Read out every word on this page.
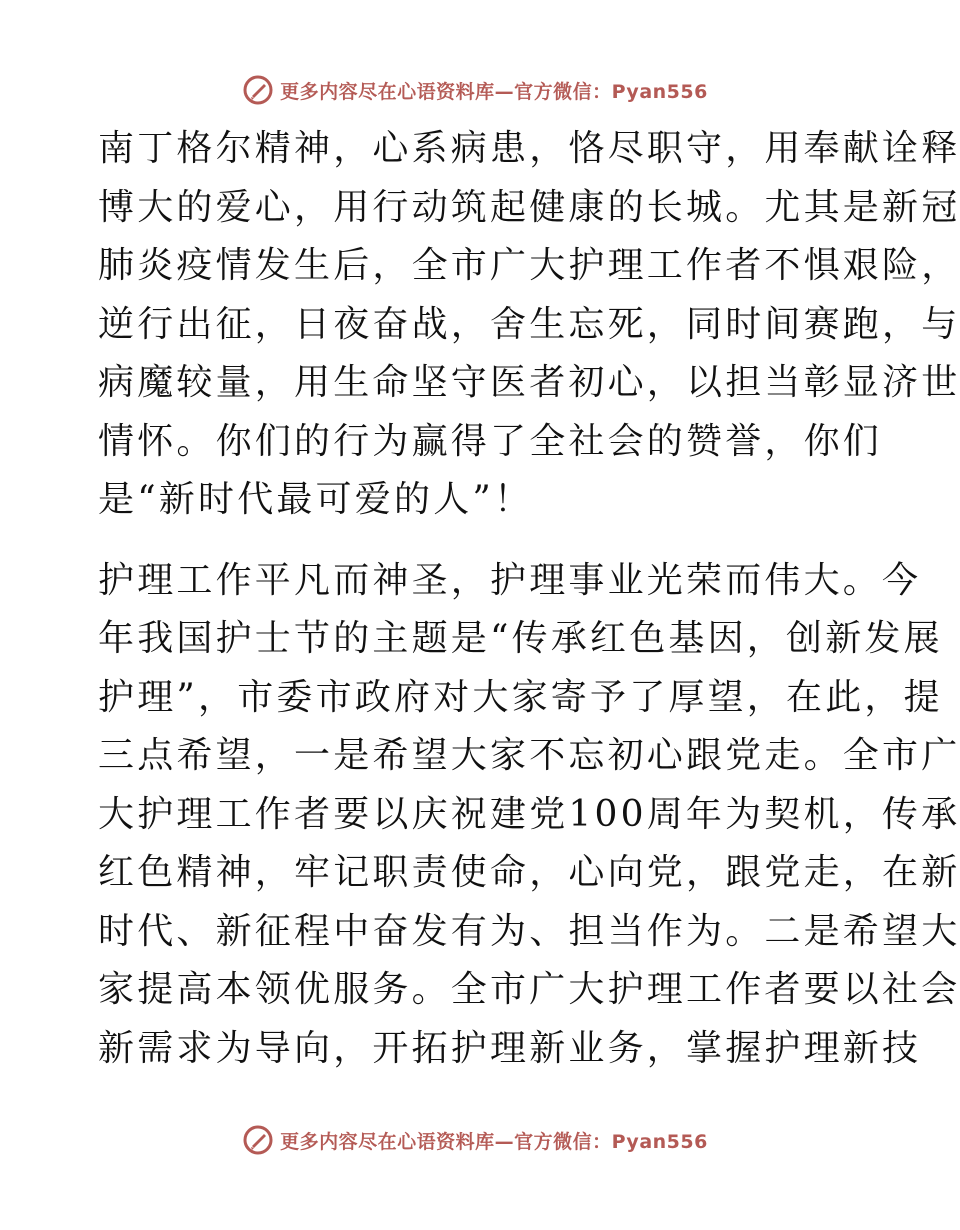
更多内容尽在心语资料库—官方微信：Pyan556
南丁格尔精神，心系病患，恪尽职守，用奉献诠释
博大的爱心，用行动筑起健康的长城。尤其是新冠
肺炎疫情发生后，全市广大护理工作者不惧艰险，
逆行出征，日夜奋战，舍生忘死，同时间赛跑，与
病魔较量，用生命坚守医者初心，以担当彰显济世
情怀。你们的行为赢得了全社会的赞誉，你们
是“新时代最可爱的人”！
护理工作平凡而神圣，护理事业光荣而伟大。今
年我国护士节的主题是“传承红色基因，创新发展
护理”，市委市政府对大家寄予了厚望，在此，提
三点希望，一是希望大家不忘初心跟党走。全市广
大护理工作者要以庆祝建党100周年为契机，传承
红色精神，牢记职责使命，心向党，跟党走，在新
时代、新征程中奋发有为、担当作为。二是希望大
家提高本领优服务。全市广大护理工作者要以社会
新需求为导向，开拓护理新业务，掌握护理新技
更多内容尽在心语资料库—官方微信：Pyan556
